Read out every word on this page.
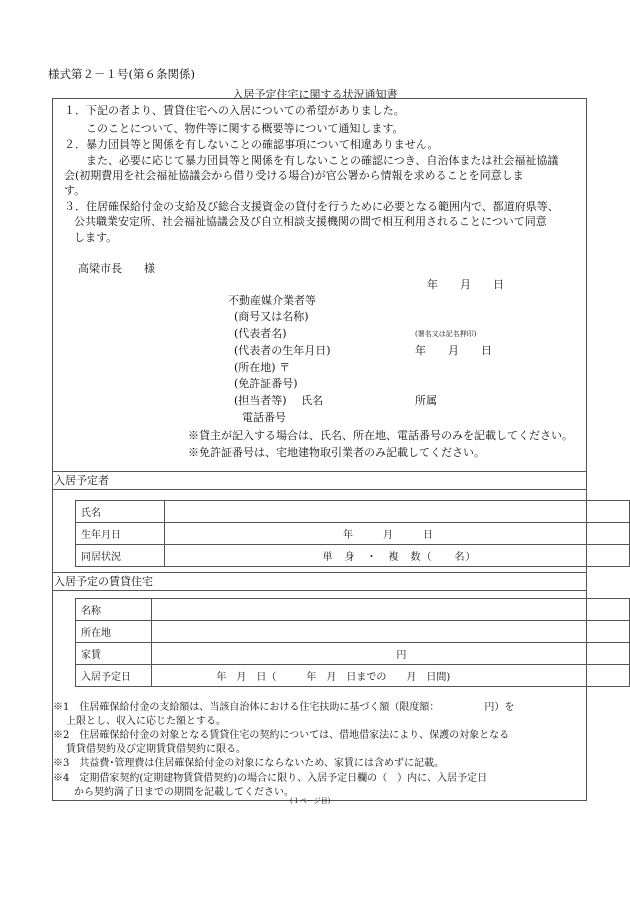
様式第２－１号(第６条関係)
入居予定住宅に関する状況通知書
１．下記の者より、賃貸住宅への入居についての希望がありました。
このことについて、物件等に関する概要等について通知します。
２．暴力団員等と関係を有しないことの確認事項について相違ありません。
また、必要に応じて暴力団員等と関係を有しないことの確認につき、自治体または社会福祉協議
会(初期費用を社会福祉協議会から借り受ける場合)が官公署から情報を求めることを同意しま
す。
３．住居確保給付金の支給及び総合支援資金の貸付を行うために必要となる範囲内で、都道府県等、
公共職業安定所、社会福祉協議会及び自立相談支援機関の間で相互利用されることについて同意
します。
高梁市長　　様
年　　月　　日
不動産媒介業者等
(商号又は名称)
(代表者名)	(署名又は記名押印)
(代表者の生年月日)	年　　月　　日
(所在地) 〒
(免許証番号)
(担当者等)　 氏名	所属
電話番号
※貸主が記入する場合は、氏名、所在地、電話番号のみを記載してください。
※免許証番号は、宅地建物取引業者のみ記載してください。
入居予定者
氏名	
生年月日	年　　　月　　　日
同居状況	単　身　・　複　数（　　名）
入居予定の賃貸住宅
名称	
所在地	
家賃	円
入居予定日	年　月　日（　　　年　月　日までの　　月　日間)
※1　住居確保給付金の支給額は、当該自治体における住宅扶助に基づく額（限度額：　　　　　円）を
上限とし、収入に応じた額とする。
※2　住居確保給付金の対象となる賃貸住宅の契約については、借地借家法により、保護の対象となる
賃貸借契約及び定期賃貸借契約に限る。
※3　共益費･管理費は住居確保給付金の対象にならないため、家賃には含めずに記載。
※4　定期借家契約(定期建物賃貸借契約)の場合に限り、入居予定日欄の（　）内に、入居予定日
から契約満了日までの期間を記載してください。
(１ページ目)
